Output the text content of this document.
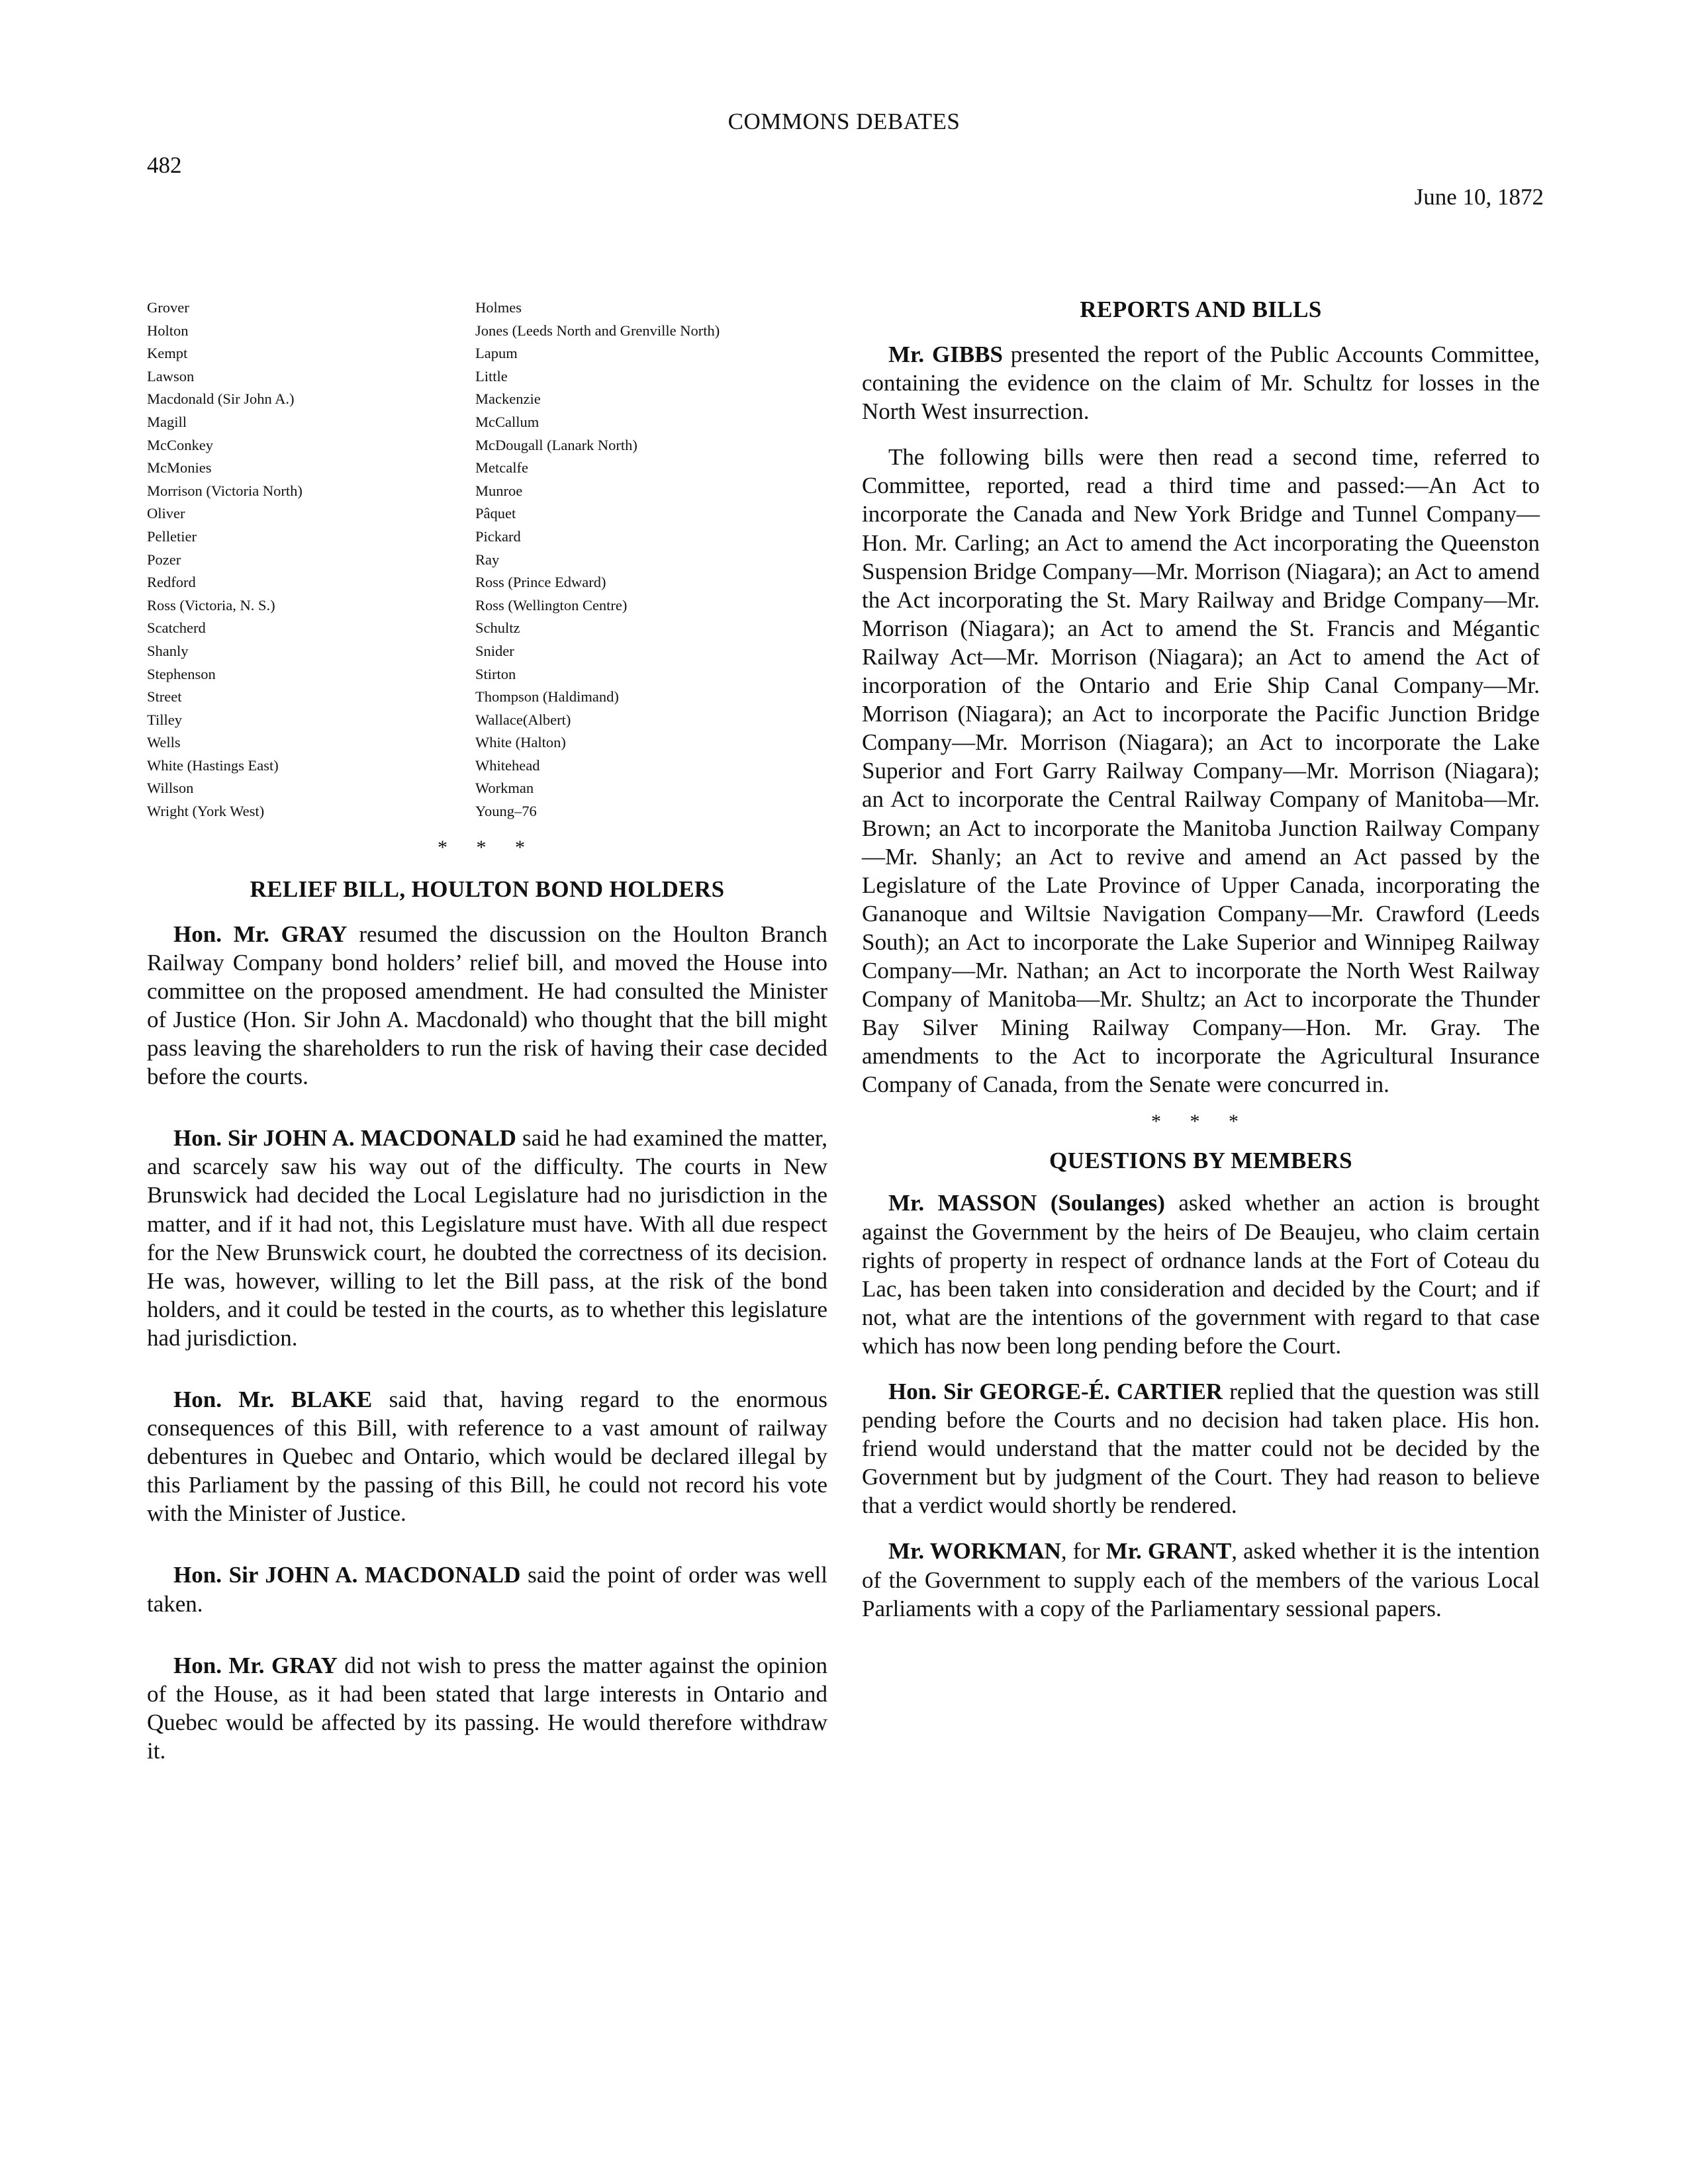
COMMONS DEBATES
482
June 10, 1872
Grover
Holton
Kempt
Lawson
Macdonald (Sir John A.)
Magill
McConkey
McMonies
Morrison (Victoria North)
Oliver
Pelletier
Pozer
Redford
Ross (Victoria, N. S.)
Scatcherd
Shanly
Stephenson
Street
Tilley
Wells
White (Hastings East)
Willson
Wright (York West)
Holmes
Jones (Leeds North and Grenville North)
Lapum
Little
Mackenzie
McCallum
McDougall (Lanark North)
Metcalfe
Munroe
Pâquet
Pickard
Ray
Ross (Prince Edward)
Ross (Wellington Centre)
Schultz
Snider
Stirton
Thompson (Haldimand)
Wallace(Albert)
White (Halton)
Whitehead
Workman
Young–76
* * *
RELIEF BILL, HOULTON BOND HOLDERS

Hon. Mr. GRAY resumed the discussion on the Houlton Branch Railway Company bond holders’ relief bill, and moved the House into committee on the proposed amendment. He had consulted the Minister of Justice (Hon. Sir John A. Macdonald) who thought that the bill might pass leaving the shareholders to run the risk of having their case decided before the courts.

Hon. Sir JOHN A. MACDONALD said he had examined the matter, and scarcely saw his way out of the difficulty. The courts in New Brunswick had decided the Local Legislature had no jurisdiction in the matter, and if it had not, this Legislature must have. With all due respect for the New Brunswick court, he doubted the correctness of its decision. He was, however, willing to let the Bill pass, at the risk of the bond holders, and it could be tested in the courts, as to whether this legislature had jurisdiction.

Hon. Mr. BLAKE said that, having regard to the enormous consequences of this Bill, with reference to a vast amount of railway debentures in Quebec and Ontario, which would be declared illegal by this Parliament by the passing of this Bill, he could not record his vote with the Minister of Justice.

Hon. Sir JOHN A. MACDONALD said the point of order was well taken.

Hon. Mr. GRAY did not wish to press the matter against the opinion of the House, as it had been stated that large interests in Ontario and Quebec would be affected by its passing. He would therefore withdraw it.

REPORTS AND BILLS

Mr. GIBBS presented the report of the Public Accounts Committee, containing the evidence on the claim of Mr. Schultz for losses in the North West insurrection.

The following bills were then read a second time, referred to Committee, reported, read a third time and passed:—An Act to incorporate the Canada and New York Bridge and Tunnel Company—Hon. Mr. Carling; an Act to amend the Act incorporating the Queenston Suspension Bridge Company—Mr. Morrison (Niagara); an Act to amend the Act incorporating the St. Mary Railway and Bridge Company—Mr. Morrison (Niagara); an Act to amend the St. Francis and Mégantic Railway Act—Mr. Morrison (Niagara); an Act to amend the Act of incorporation of the Ontario and Erie Ship Canal Company—Mr. Morrison (Niagara); an Act to incorporate the Pacific Junction Bridge Company—Mr. Morrison (Niagara); an Act to incorporate the Lake Superior and Fort Garry Railway Company—Mr. Morrison (Niagara); an Act to incorporate the Central Railway Company of Manitoba—Mr. Brown; an Act to incorporate the Manitoba Junction Railway Company—Mr. Shanly; an Act to revive and amend an Act passed by the Legislature of the Late Province of Upper Canada, incorporating the Gananoque and Wiltsie Navigation Company—Mr. Crawford (Leeds South); an Act to incorporate the Lake Superior and Winnipeg Railway Company—Mr. Nathan; an Act to incorporate the North West Railway Company of Manitoba—Mr. Shultz; an Act to incorporate the Thunder Bay Silver Mining Railway Company—Hon. Mr. Gray. The amendments to the Act to incorporate the Agricultural Insurance Company of Canada, from the Senate were concurred in.

* * *
QUESTIONS BY MEMBERS

Mr. MASSON (Soulanges) asked whether an action is brought against the Government by the heirs of De Beaujeu, who claim certain rights of property in respect of ordnance lands at the Fort of Coteau du Lac, has been taken into consideration and decided by the Court; and if not, what are the intentions of the government with regard to that case which has now been long pending before the Court.

Hon. Sir GEORGE-É. CARTIER replied that the question was still pending before the Courts and no decision had taken place. His hon. friend would understand that the matter could not be decided by the Government but by judgment of the Court. They had reason to believe that a verdict would shortly be rendered.

Mr. WORKMAN, for Mr. GRANT, asked whether it is the intention of the Government to supply each of the members of the various Local Parliaments with a copy of the Parliamentary sessional papers.
